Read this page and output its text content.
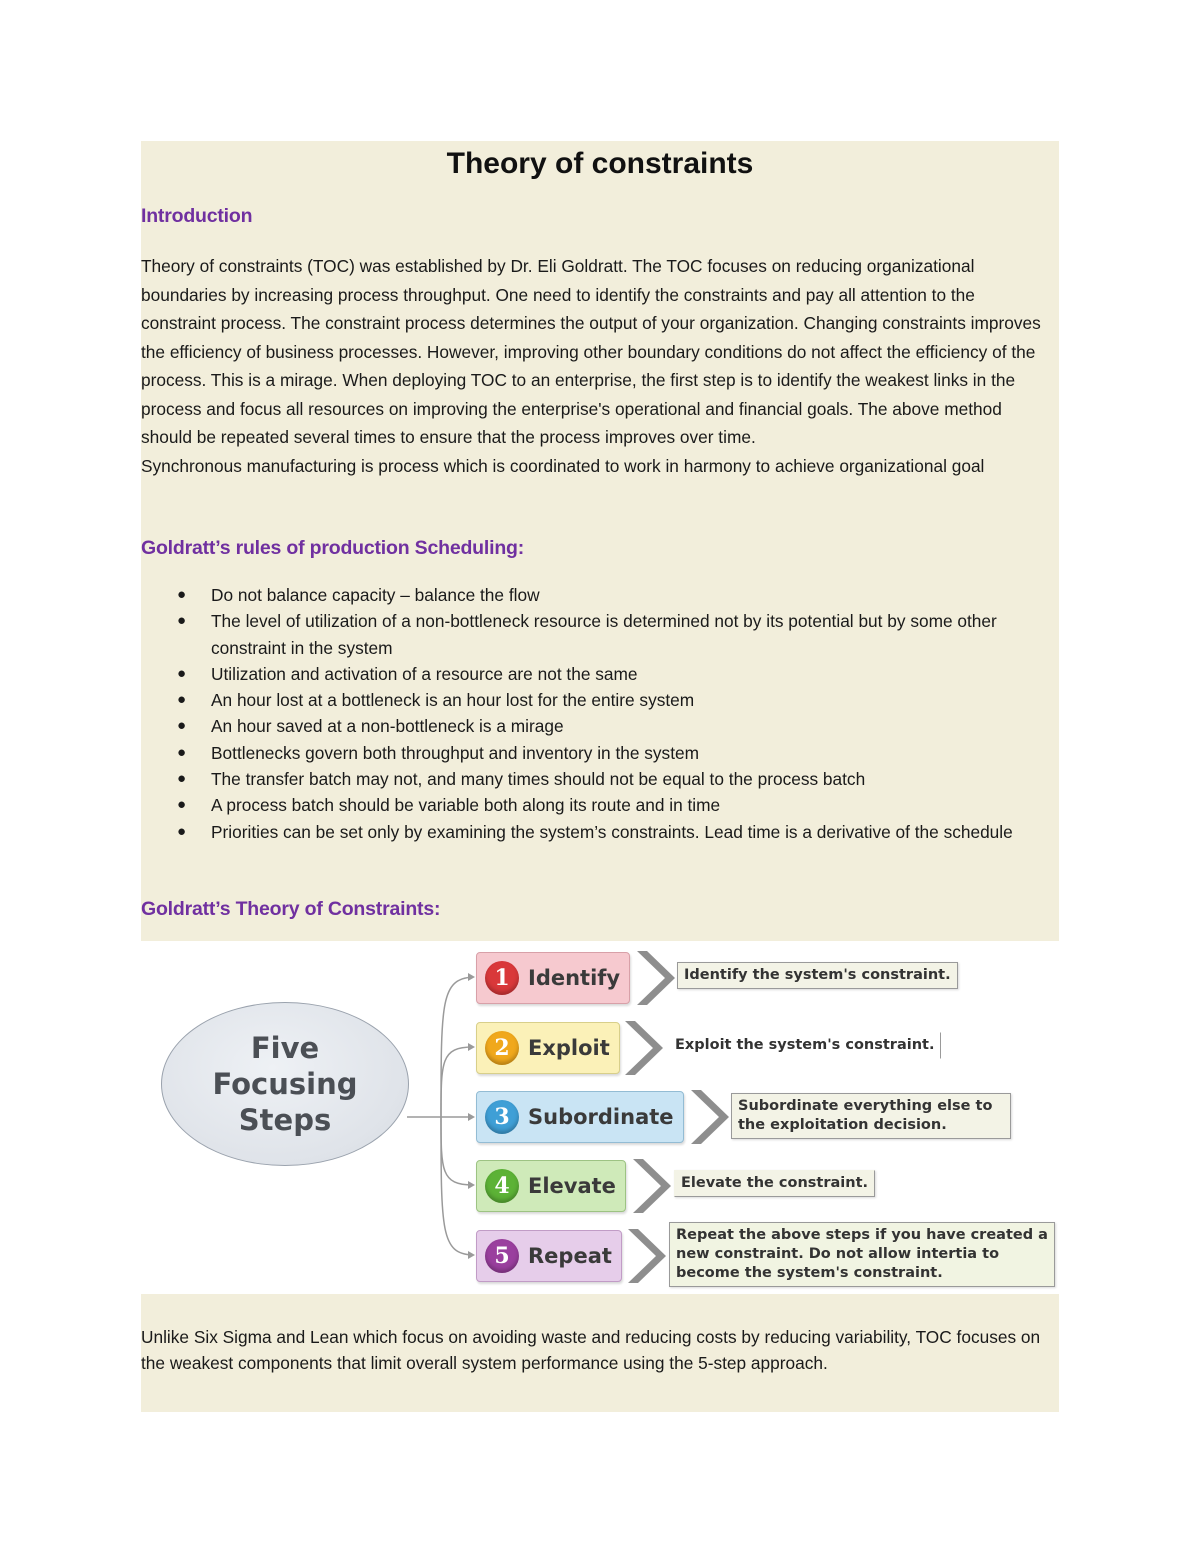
Theory of constraints
Introduction

Theory of constraints (TOC) was established by Dr. Eli Goldratt. The TOC focuses on reducing organizational boundaries by increasing process throughput. One need to identify the constraints and pay all attention to the constraint process. The constraint process determines the output of your organization. Changing constraints improves the efficiency of business processes. However, improving other boundary conditions do not affect the efficiency of the process. This is a mirage. When deploying TOC to an enterprise, the first step is to identify the weakest links in the process and focus all resources on improving the enterprise's operational and financial goals. The above method should be repeated several times to ensure that the process improves over time.

Synchronous manufacturing is process which is coordinated to work in harmony to achieve organizational goal

Goldratt’s rules of production Scheduling:
● Do not balance capacity – balance the flow
● The level of utilization of a non-bottleneck resource is determined not by its potential but by some other constraint in the system
● Utilization and activation of a resource are not the same
● An hour lost at a bottleneck is an hour lost for the entire system
● An hour saved at a non-bottleneck is a mirage
● Bottlenecks govern both throughput and inventory in the system
● The transfer batch may not, and many times should not be equal to the process batch
● A process batch should be variable both along its route and in time
● Priorities can be set only by examining the system’s constraints. Lead time is a derivative of the schedule
Goldratt’s Theory of Constraints:
Five Focusing Steps
1 Identify	Identify the system's constraint.
2 Exploit	Exploit the system's constraint.
3 Subordinate	Subordinate everything else to the exploitation decision.
4 Elevate	Elevate the constraint.
5 Repeat
Repeat the above steps if you have created a new constraint. Do not allow intertia to become the system's constraint.
Unlike Six Sigma and Lean which focus on avoiding waste and reducing costs by reducing variability, TOC focuses on the weakest components that limit overall system performance using the 5-step approach.
